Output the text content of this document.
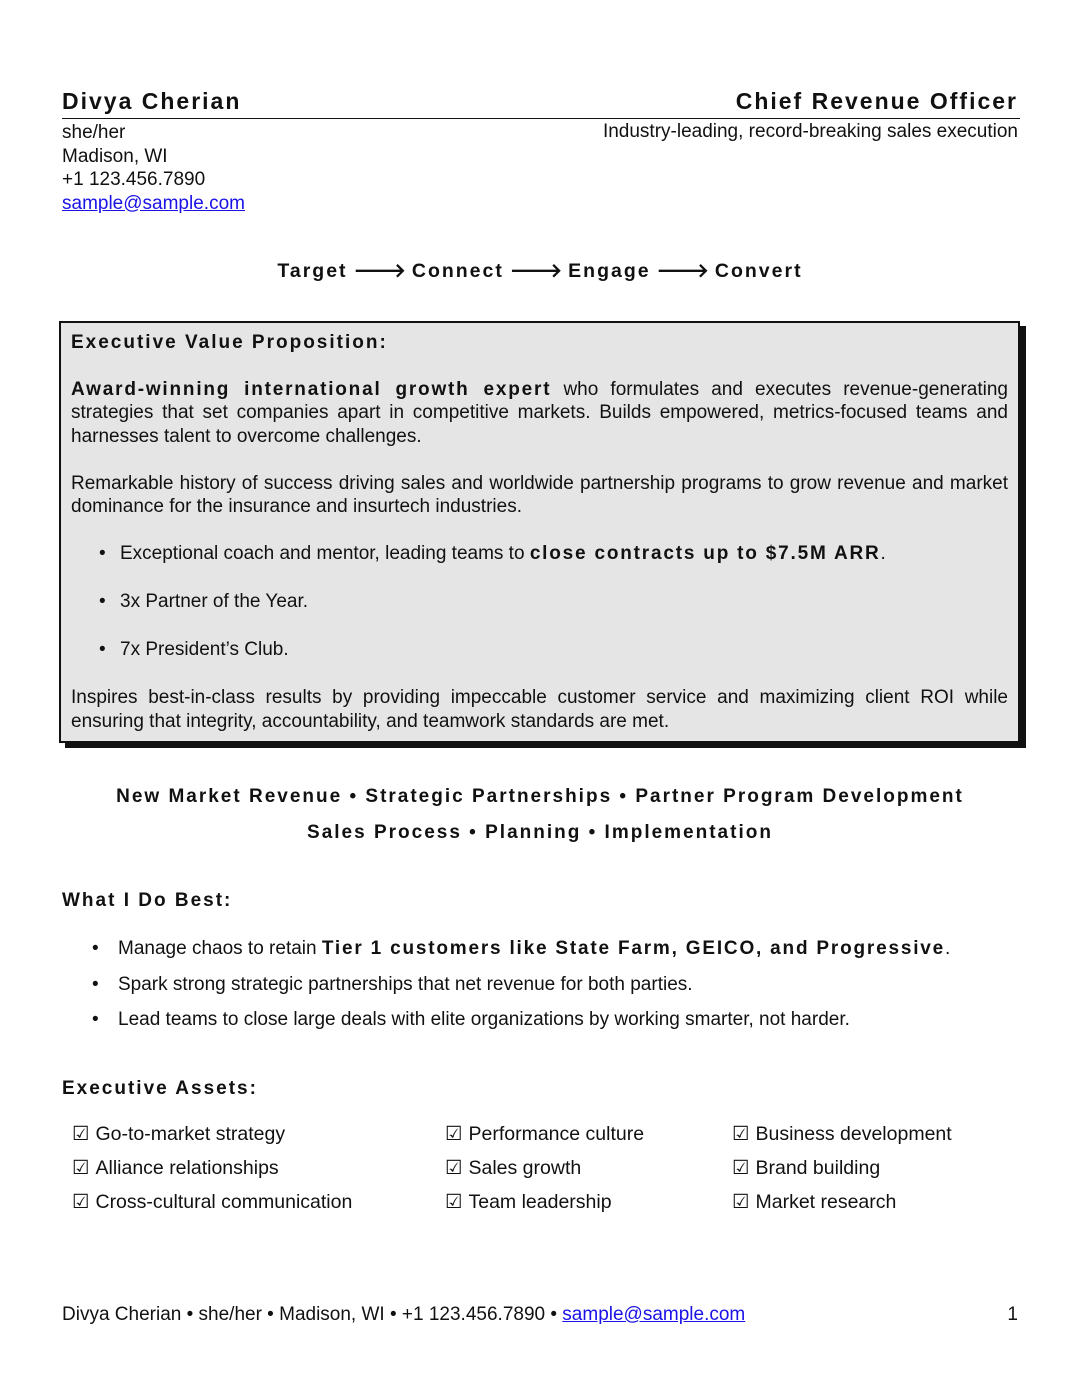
Divya Cherian	Chief Revenue Officer
she/her
Madison, WI
+1 123.456.7890
sample@sample.com
Industry-leading, record-breaking sales execution
Target 🡒 Connect 🡒 Engage 🡒 Convert
Executive Value Proposition:

Award-winning international growth expert who formulates and executes revenue-generating strategies that set companies apart in competitive markets. Builds empowered, metrics-focused teams and harnesses talent to overcome challenges.

Remarkable history of success driving sales and worldwide partnership programs to grow revenue and market dominance for the insurance and insurtech industries.

• Exceptional coach and mentor, leading teams to close contracts up to $7.5M ARR.
• 3x Partner of the Year.
• 7x President’s Club.

Inspires best-in-class results by providing impeccable customer service and maximizing client ROI while ensuring that integrity, accountability, and teamwork standards are met.

New Market Revenue • Strategic Partnerships • Partner Program Development
Sales Process • Planning • Implementation
What I Do Best:
• Manage chaos to retain Tier 1 customers like State Farm, GEICO, and Progressive.
• Spark strong strategic partnerships that net revenue for both parties.
• Lead teams to close large deals with elite organizations by working smarter, not harder.
Executive Assets:
☑ Go-to-market strategy
☑ Alliance relationships
☑ Cross-cultural communication
☑ Performance culture
☑ Sales growth
☑ Team leadership
☑ Business development
☑ Brand building
☑ Market research
Divya Cherian • she/her • Madison, WI • +1 123.456.7890 • sample@sample.com	1
